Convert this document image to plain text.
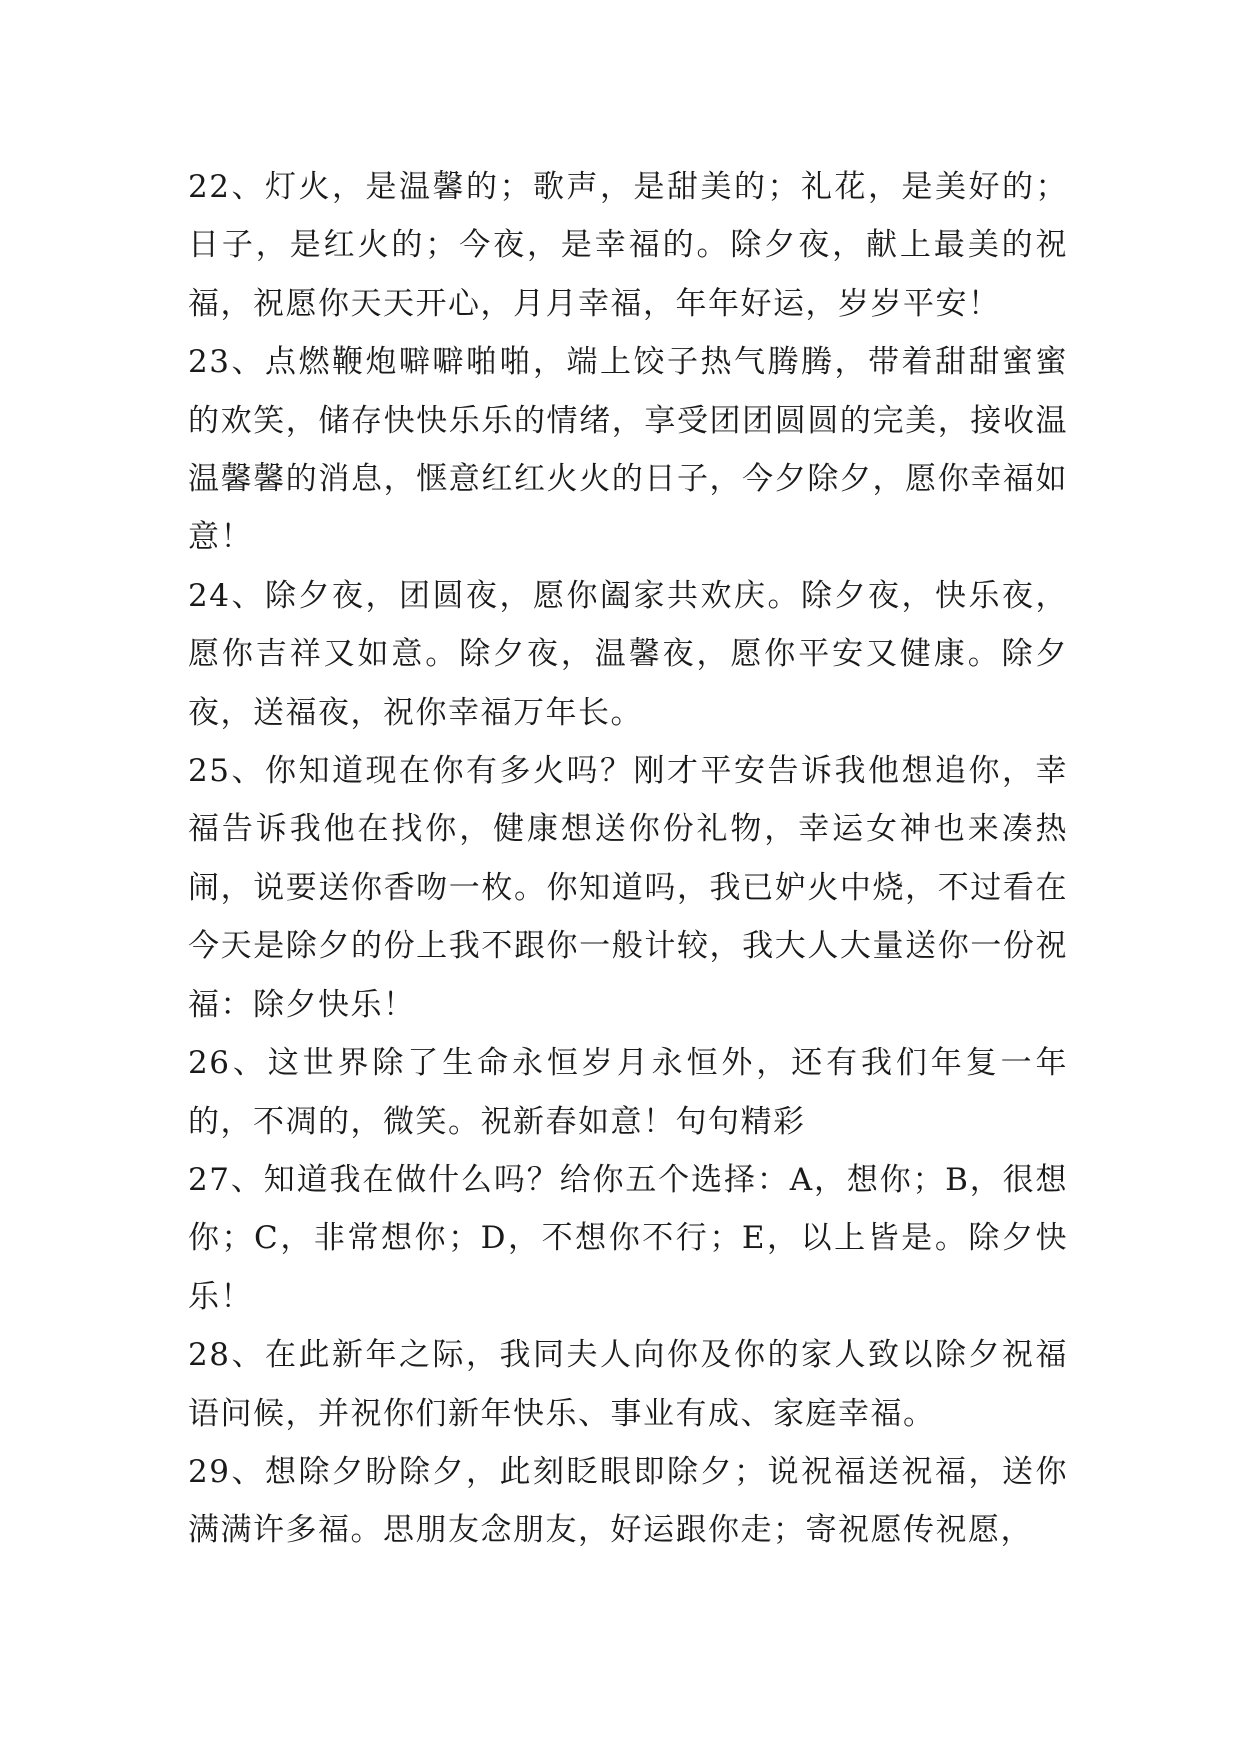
22、灯火，是温馨的；歌声，是甜美的；礼花，是美好的；日子，是红火的；今夜，是幸福的。除夕夜，献上最美的祝福，祝愿你天天开心，月月幸福，年年好运，岁岁平安！

23、点燃鞭炮噼噼啪啪，端上饺子热气腾腾，带着甜甜蜜蜜的欢笑，储存快快乐乐的情绪，享受团团圆圆的完美，接收温温馨馨的消息，惬意红红火火的日子，今夕除夕，愿你幸福如意！

24、除夕夜，团圆夜，愿你阖家共欢庆。除夕夜，快乐夜，愿你吉祥又如意。除夕夜，温馨夜，愿你平安又健康。除夕夜，送福夜，祝你幸福万年长。

25、你知道现在你有多火吗？刚才平安告诉我他想追你，幸福告诉我他在找你，健康想送你份礼物，幸运女神也来凑热闹，说要送你香吻一枚。你知道吗，我已妒火中烧，不过看在今天是除夕的份上我不跟你一般计较，我大人大量送你一份祝福：除夕快乐！

26、这世界除了生命永恒岁月永恒外，还有我们年复一年的，不凋的，微笑。祝新春如意！句句精彩

27、知道我在做什么吗？给你五个选择：A，想你；B，很想你；C，非常想你；D，不想你不行；E，以上皆是。除夕快乐！

28、在此新年之际，我同夫人向你及你的家人致以除夕祝福语问候，并祝你们新年快乐、事业有成、家庭幸福。

29、想除夕盼除夕，此刻眨眼即除夕；说祝福送祝福，送你满满许多福。思朋友念朋友，好运跟你走；寄祝愿传祝愿，
